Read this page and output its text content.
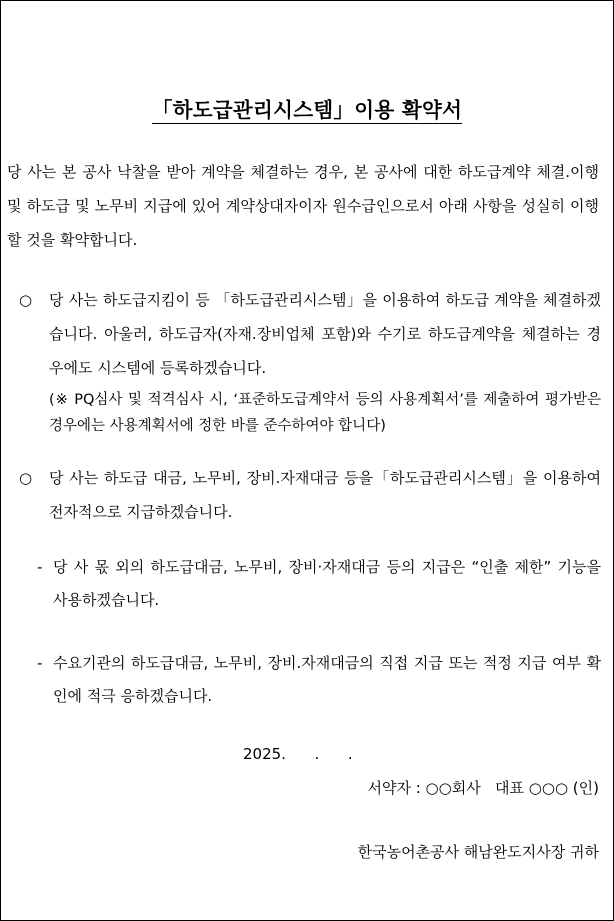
「하도급관리시스템」이용 확약서
당 사는 본 공사 낙찰을 받아 계약을 체결하는 경우, 본 공사에 대한 하도급계약 체결.이행 및 하도급 및 노무비 지급에 있어 계약상대자이자 원수급인으로서 아래 사항을 성실히 이행할 것을 확약합니다.
○ 당 사는 하도급지킴이 등 「하도급관리시스템」을 이용하여 하도급 계약을 체결하겠습니다. 아울러, 하도급자(자재.장비업체 포함)와 수기로 하도급계약을 체결하는 경우에도 시스템에 등록하겠습니다.
(※ PQ심사 및 적격심사 시, ‘표준하도급계약서 등의 사용계획서’를 제출하여 평가받은 경우에는 사용계획서에 정한 바를 준수하여야 합니다)
○ 당 사는 하도급 대금, 노무비, 장비.자재대금 등을「하도급관리시스템」을 이용하여 전자적으로 지급하겠습니다.
- 당 사 몫 외의 하도급대금, 노무비, 장비·자재대금 등의 지급은 “인출 제한” 기능을 사용하겠습니다.
- 수요기관의 하도급대금, 노무비, 장비.자재대금의 직접 지급 또는 적정 지급 여부 확인에 적극 응하겠습니다.
2025.      .      .
서약자 : ○○회사   대표 ○○○ (인)
한국농어촌공사 해남완도지사장 귀하
